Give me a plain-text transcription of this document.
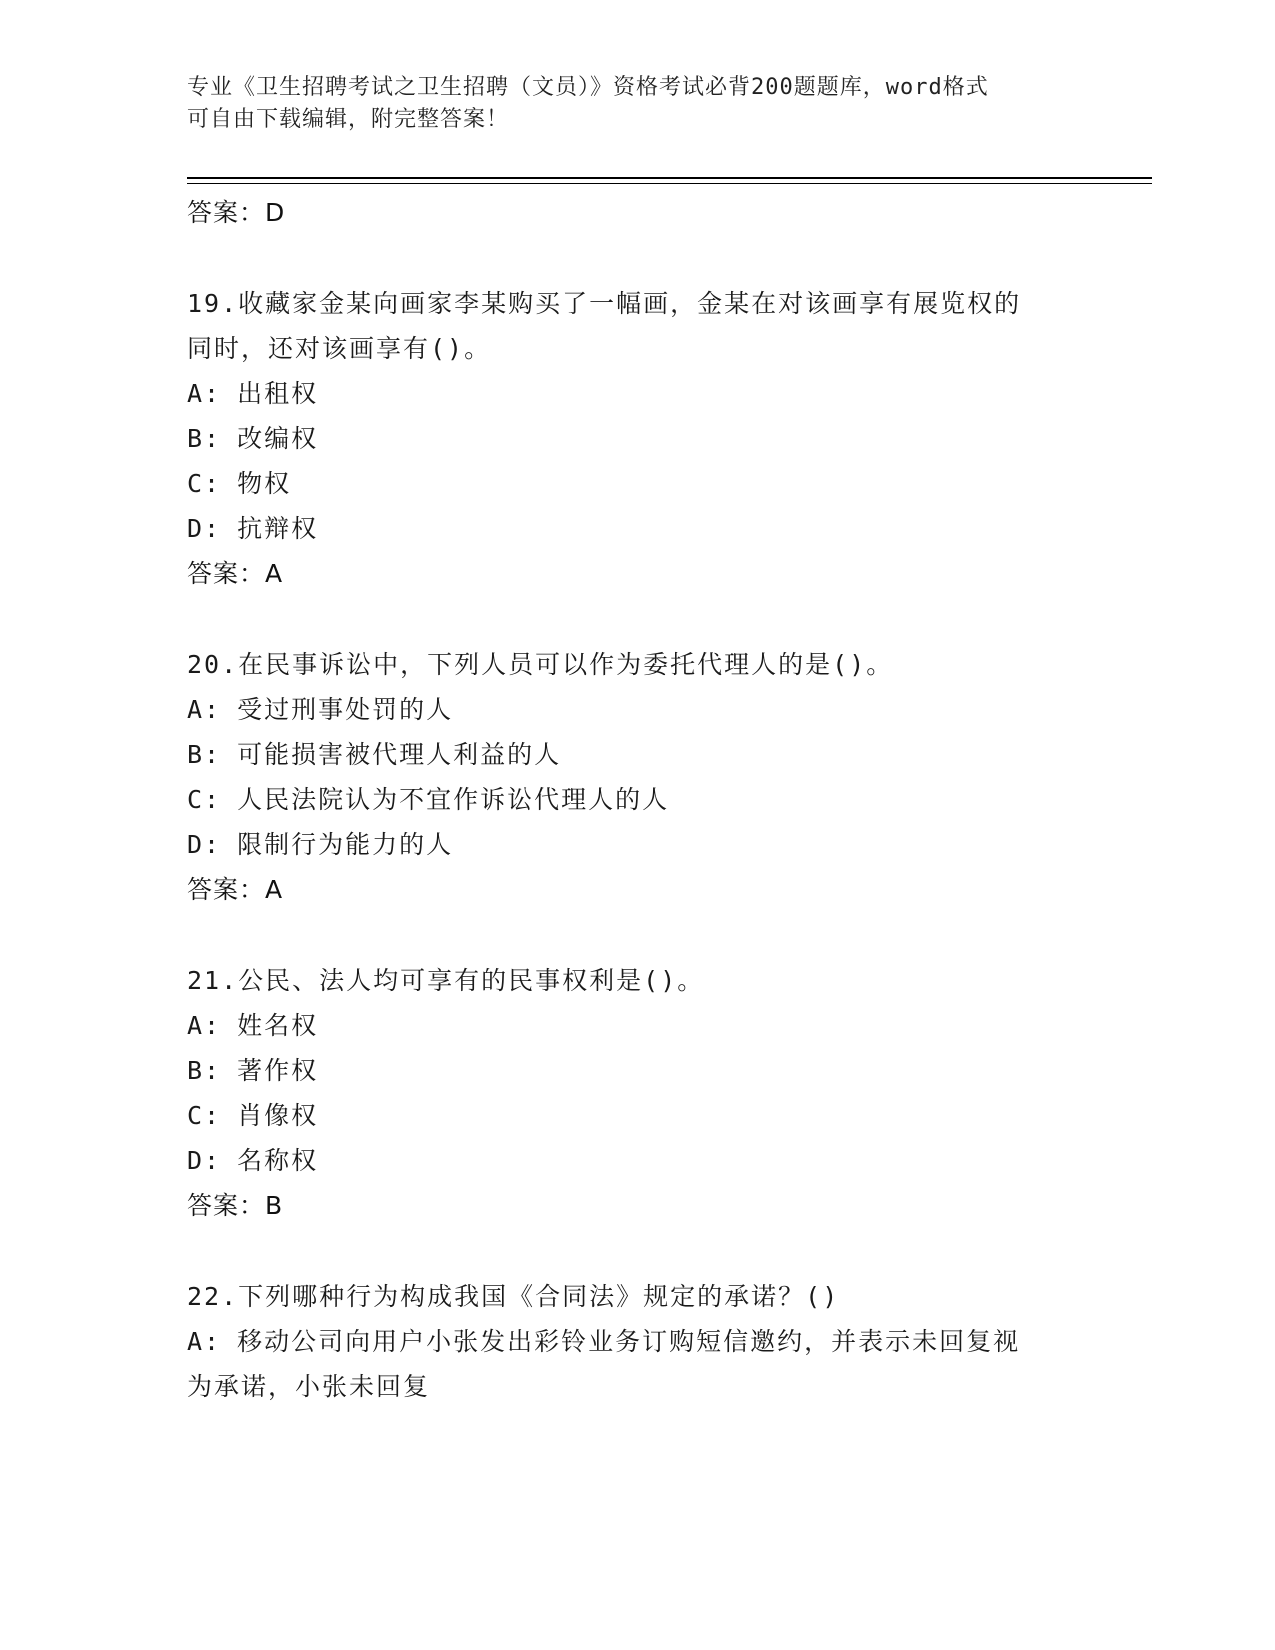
专业《卫生招聘考试之卫生招聘（文员）》资格考试必背200题题库，word格式
可自由下载编辑，附完整答案！
答案：D
19.收藏家金某向画家李某购买了一幅画，金某在对该画享有展览权的
同时，还对该画享有()。
A: 出租权
B: 改编权
C: 物权
D: 抗辩权
答案：A
20.在民事诉讼中，下列人员可以作为委托代理人的是()。
A: 受过刑事处罚的人
B: 可能损害被代理人利益的人
C: 人民法院认为不宜作诉讼代理人的人
D: 限制行为能力的人
答案：A
21.公民、法人均可享有的民事权利是()。
A: 姓名权
B: 著作权
C: 肖像权
D: 名称权
答案：B
22.下列哪种行为构成我国《合同法》规定的承诺？()
A: 移动公司向用户小张发出彩铃业务订购短信邀约，并表示未回复视
为承诺，小张未回复
